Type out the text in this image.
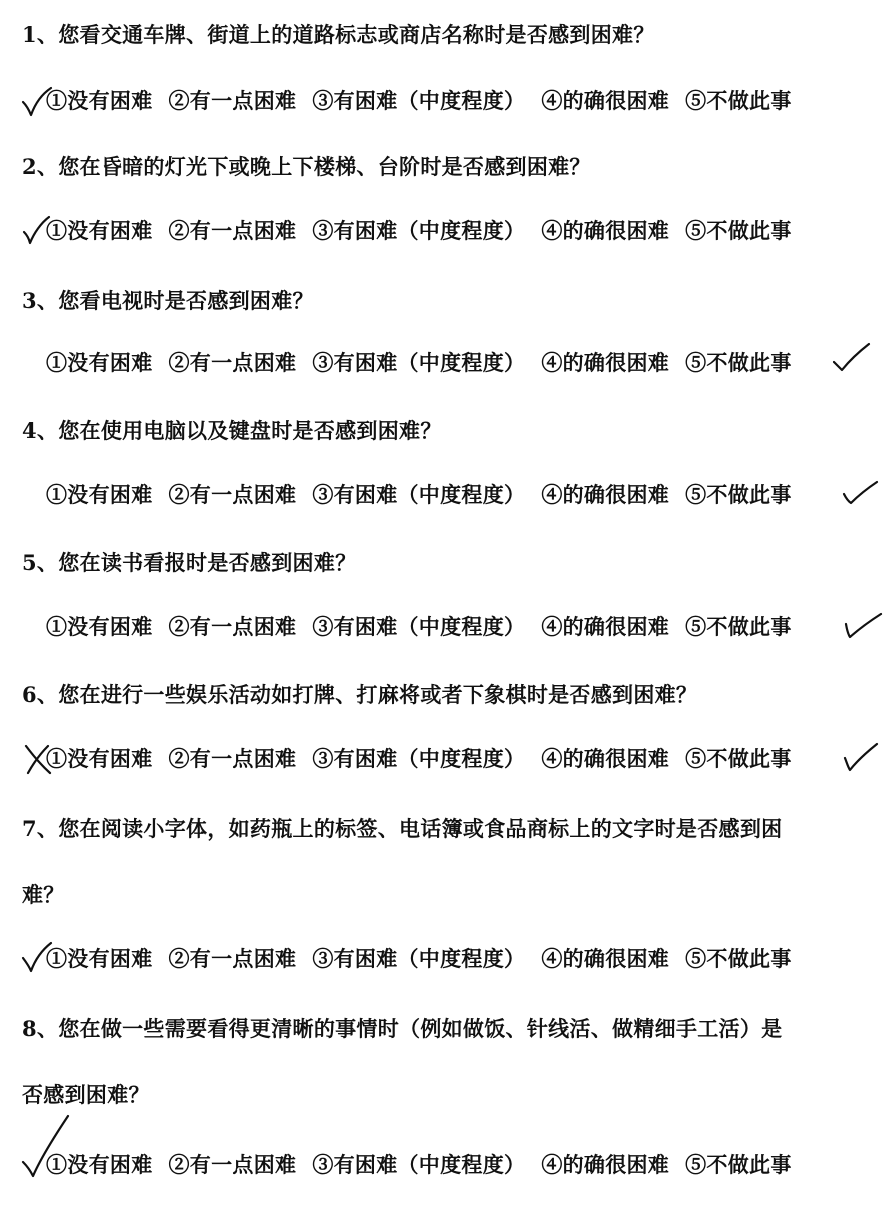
1、您看交通车牌、街道上的道路标志或商店名称时是否感到困难？
①没有困难 ②有一点困难 ③有困难（中度程度） ④的确很困难 ⑤不做此事
2、您在昏暗的灯光下或晚上下楼梯、台阶时是否感到困难？
①没有困难 ②有一点困难 ③有困难（中度程度） ④的确很困难 ⑤不做此事
3、您看电视时是否感到困难？
①没有困难 ②有一点困难 ③有困难（中度程度） ④的确很困难 ⑤不做此事
4、您在使用电脑以及键盘时是否感到困难？
①没有困难 ②有一点困难 ③有困难（中度程度） ④的确很困难 ⑤不做此事
5、您在读书看报时是否感到困难？
①没有困难 ②有一点困难 ③有困难（中度程度） ④的确很困难 ⑤不做此事
6、您在进行一些娱乐活动如打牌、打麻将或者下象棋时是否感到困难？
①没有困难 ②有一点困难 ③有困难（中度程度） ④的确很困难 ⑤不做此事
7、您在阅读小字体，如药瓶上的标签、电话簿或食品商标上的文字时是否感到困
难？
①没有困难 ②有一点困难 ③有困难（中度程度） ④的确很困难 ⑤不做此事
8、您在做一些需要看得更清晰的事情时（例如做饭、针线活、做精细手工活）是
否感到困难？
①没有困难 ②有一点困难 ③有困难（中度程度） ④的确很困难 ⑤不做此事
